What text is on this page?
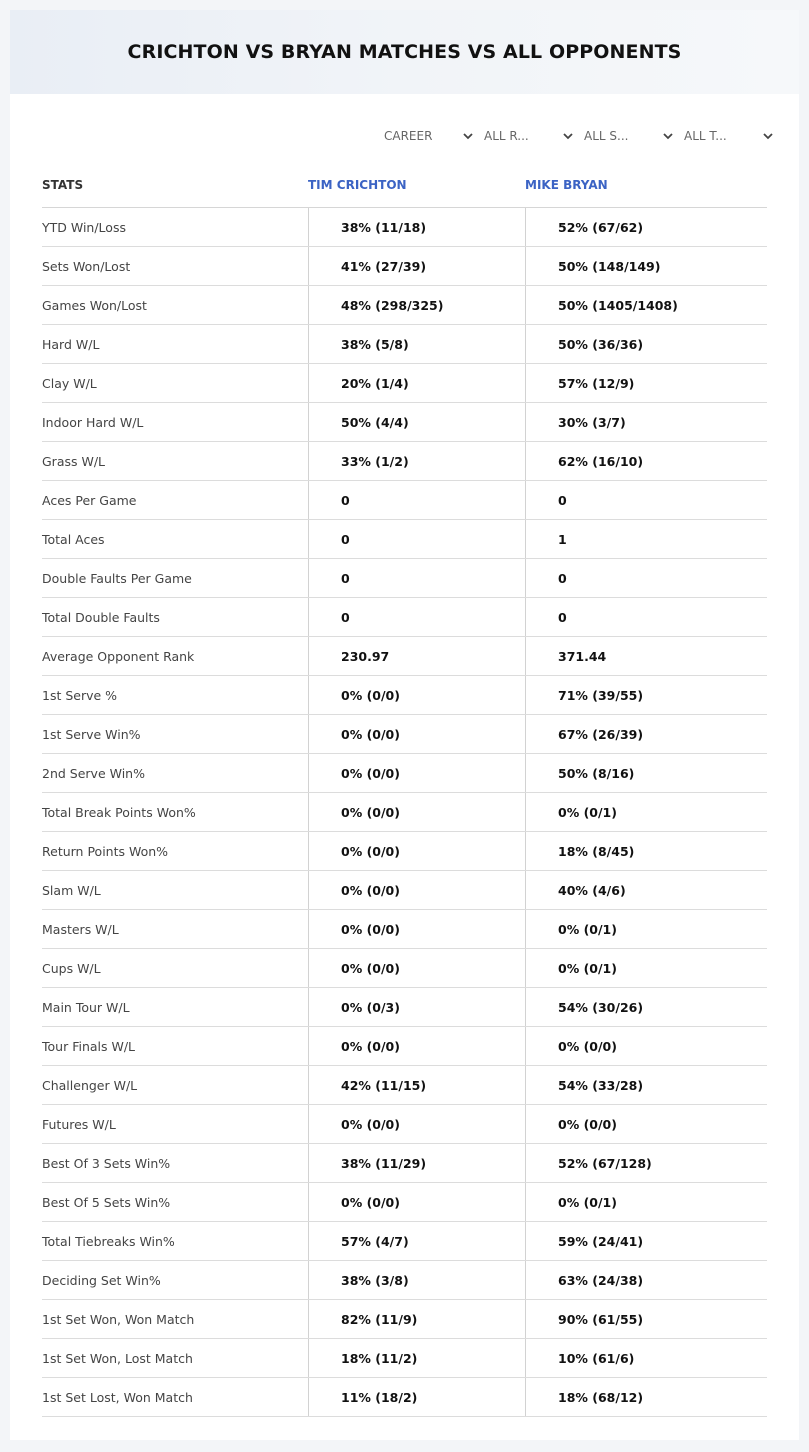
CRICHTON VS BRYAN MATCHES VS ALL OPPONENTS
CAREER	ALL R...	ALL S...	ALL T...
STATS	TIM CRICHTON	MIKE BRYAN
YTD Win/Loss	38% (11/18)	52% (67/62)
Sets Won/Lost	41% (27/39)	50% (148/149)
Games Won/Lost	48% (298/325)	50% (1405/1408)
Hard W/L	38% (5/8)	50% (36/36)
Clay W/L	20% (1/4)	57% (12/9)
Indoor Hard W/L	50% (4/4)	30% (3/7)
Grass W/L	33% (1/2)	62% (16/10)
Aces Per Game	0	0
Total Aces	0	1
Double Faults Per Game	0	0
Total Double Faults	0	0
Average Opponent Rank	230.97	371.44
1st Serve %	0% (0/0)	71% (39/55)
1st Serve Win%	0% (0/0)	67% (26/39)
2nd Serve Win%	0% (0/0)	50% (8/16)
Total Break Points Won%	0% (0/0)	0% (0/1)
Return Points Won%	0% (0/0)	18% (8/45)
Slam W/L	0% (0/0)	40% (4/6)
Masters W/L	0% (0/0)	0% (0/1)
Cups W/L	0% (0/0)	0% (0/1)
Main Tour W/L	0% (0/3)	54% (30/26)
Tour Finals W/L	0% (0/0)	0% (0/0)
Challenger W/L	42% (11/15)	54% (33/28)
Futures W/L	0% (0/0)	0% (0/0)
Best Of 3 Sets Win%	38% (11/29)	52% (67/128)
Best Of 5 Sets Win%	0% (0/0)	0% (0/1)
Total Tiebreaks Win%	57% (4/7)	59% (24/41)
Deciding Set Win%	38% (3/8)	63% (24/38)
1st Set Won, Won Match	82% (11/9)	90% (61/55)
1st Set Won, Lost Match	18% (11/2)	10% (61/6)
1st Set Lost, Won Match	11% (18/2)	18% (68/12)
